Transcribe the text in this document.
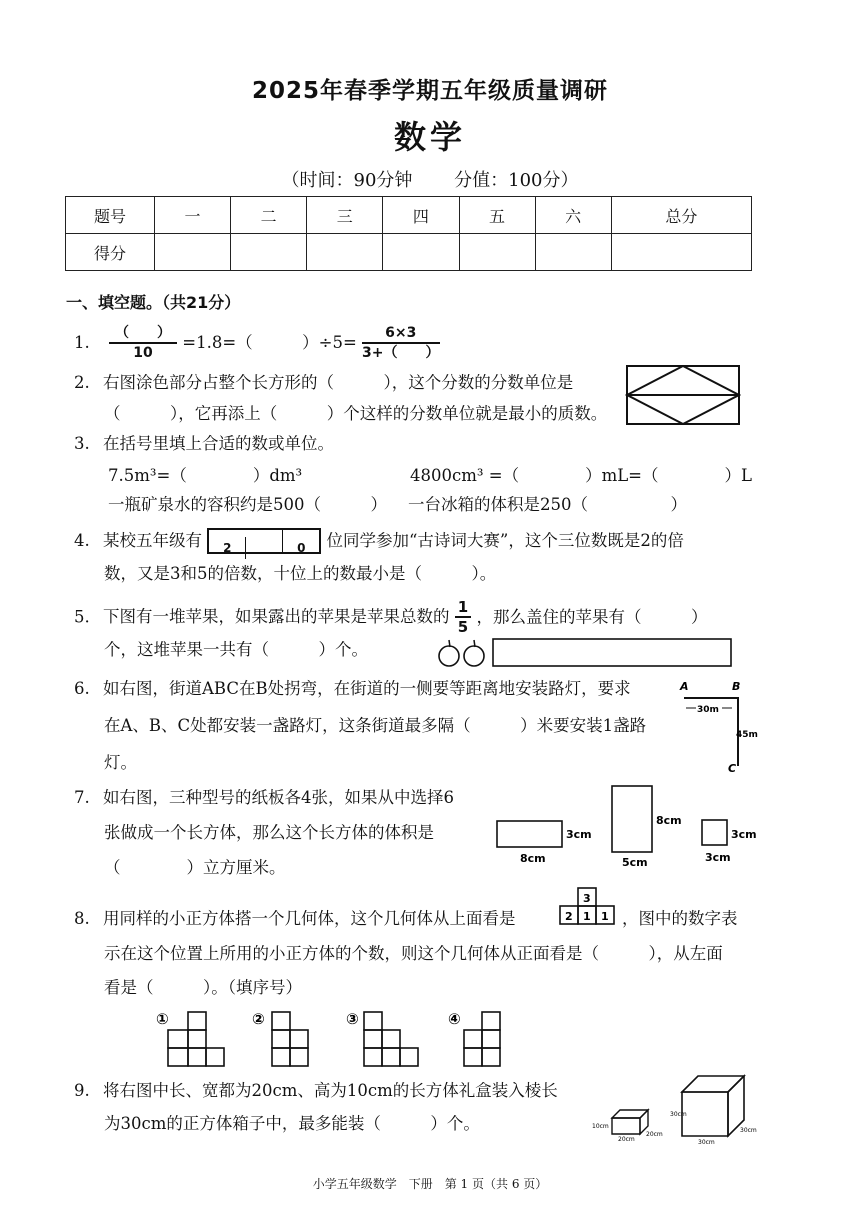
2025年春季学期五年级质量调研
数学
（时间：90分钟 分值：100分）
题号	一	二	三	四	五	六	总分
得分							
一、填空题。（共21分）
1. $\frac{( )}{10} =1.8=$（　　　）$\div 5= \frac{6\times 3}{3+( )}$
2. 右图涂色部分占整个长方形的（　　　），这个分数的分数单位是
（　　　），它再添上（　　　）个这样的分数单位就是最小的质数。
3. 在括号里填上合适的数或单位。
7.5m³=（　　　　）dm³	4800cm³ =（　　　　）mL=（　　　　）L
一瓶矿泉水的容积约是500（　　　） 一台冰箱的体积是250（　　　　　）
4. 某校五年级有 2	0 位同学参加“古诗词大赛”，这个三位数既是2的倍
数，又是3和5的倍数，十位上的数最小是（　　　）。
5. 下图有一堆苹果，如果露出的苹果是苹果总数的 $\frac{1}{5}$ ，那么盖住的苹果有（　　　）
个，这堆苹果一共有（　　　）个。
6. 如右图，街道ABC在B处拐弯，在街道的一侧要等距离地安装路灯，要求
在A、B、C处都安装一盏路灯，这条街道最多隔（　　　）米要安装1盏路
灯。
A	B
C
30m
45m
7. 如右图，三种型号的纸板各4张，如果从中选择6
张做成一个长方体，那么这个长方体的体积是
（　　　　）立方厘米。
3cm
8cm
8cm
5cm
3cm
3cm
8. 用同样的小正方体搭一个几何体，这个几何体从上面看是
3
2 1 1 ，图中的数字表
示在这个位置上所用的小正方体的个数，则这个几何体从正面看是（　　　），从左面
看是（　　　）。（填序号）
①	②	③	④
9. 将右图中长、宽都为20cm、高为10cm的长方体礼盒装入棱长
为30cm的正方体箱子中，最多能装（　　　）个。	10cm
20cm
20cm
30cm
30cm
30cm
小学五年级数学　下册　第 1 页（共 6 页）
